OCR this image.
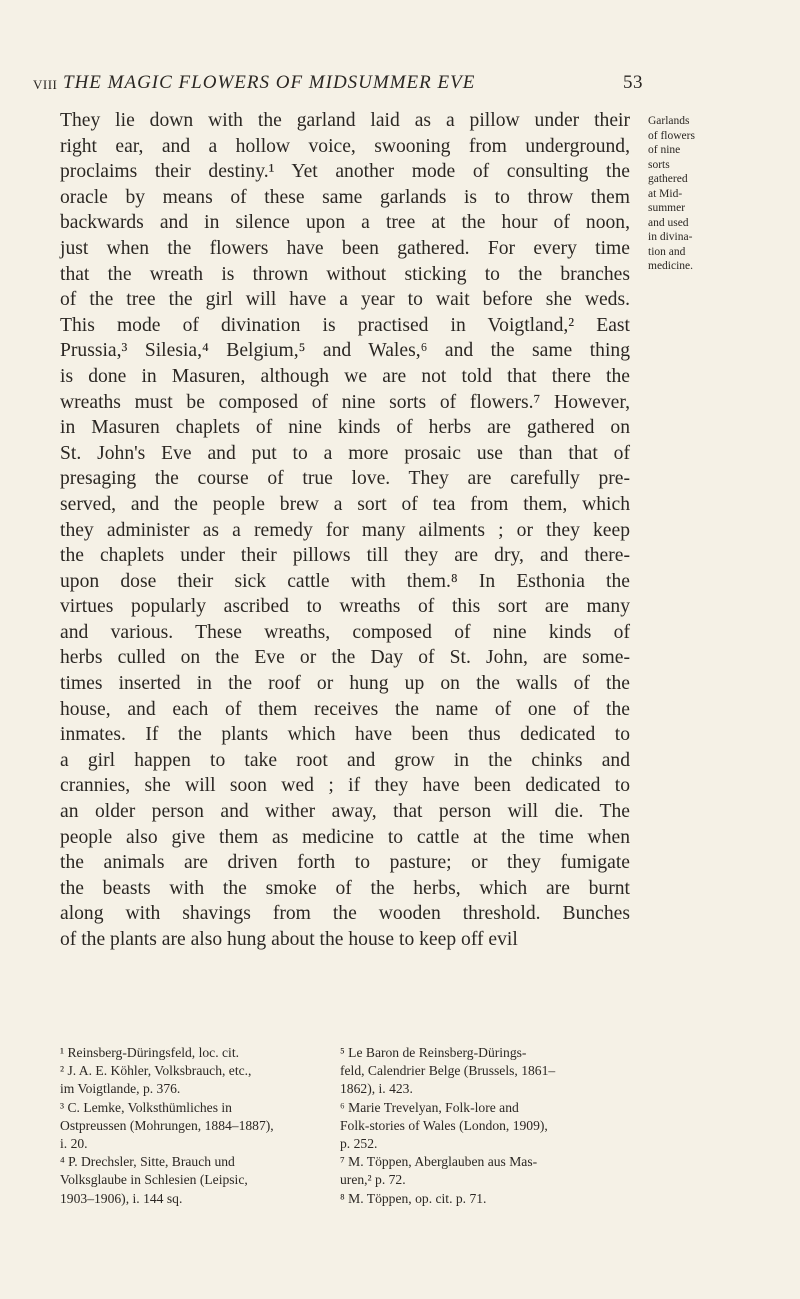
VIII THE MAGIC FLOWERS OF MIDSUMMER EVE	53
They lie down with the garland laid as a pillow under their
right ear, and a hollow voice, swooning from underground,
proclaims their destiny.¹ Yet another mode of consulting the
oracle by means of these same garlands is to throw them
backwards and in silence upon a tree at the hour of noon,
just when the flowers have been gathered. For every time
that the wreath is thrown without sticking to the branches
of the tree the girl will have a year to wait before she weds.
This mode of divination is practised in Voigtland,² East
Prussia,³ Silesia,⁴ Belgium,⁵ and Wales,⁶ and the same thing
is done in Masuren, although we are not told that there the
wreaths must be composed of nine sorts of flowers.⁷ However,
in Masuren chaplets of nine kinds of herbs are gathered on
St. John's Eve and put to a more prosaic use than that of
presaging the course of true love. They are carefully pre-
served, and the people brew a sort of tea from them, which
they administer as a remedy for many ailments ; or they keep
the chaplets under their pillows till they are dry, and there-
upon dose their sick cattle with them.⁸ In Esthonia the
virtues popularly ascribed to wreaths of this sort are many
and various. These wreaths, composed of nine kinds of
herbs culled on the Eve or the Day of St. John, are some-
times inserted in the roof or hung up on the walls of the
house, and each of them receives the name of one of the
inmates. If the plants which have been thus dedicated to
a girl happen to take root and grow in the chinks and
crannies, she will soon wed ; if they have been dedicated to
an older person and wither away, that person will die. The
people also give them as medicine to cattle at the time when
the animals are driven forth to pasture; or they fumigate
the beasts with the smoke of the herbs, which are burnt
along with shavings from the wooden threshold. Bunches
of the plants are also hung about the house to keep off evil
Garlands
of flowers
of nine
sorts
gathered
at Mid-
summer
and used
in divina-
tion and
medicine.
¹ Reinsberg-Düringsfeld, loc. cit.
² J. A. E. Köhler, Volksbrauch, etc.,
im Voigtlande, p. 376.
³ C. Lemke, Volksthümliches in
Ostpreussen (Mohrungen, 1884–1887),
i. 20.
⁴ P. Drechsler, Sitte, Brauch und
Volksglaube in Schlesien (Leipsic,
1903–1906), i. 144 sq.
⁵ Le Baron de Reinsberg-Dürings-
feld, Calendrier Belge (Brussels, 1861–
1862), i. 423.
⁶ Marie Trevelyan, Folk-lore and
Folk-stories of Wales (London, 1909),
p. 252.
⁷ M. Töppen, Aberglauben aus Mas-
uren,² p. 72.
⁸ M. Töppen, op. cit. p. 71.
